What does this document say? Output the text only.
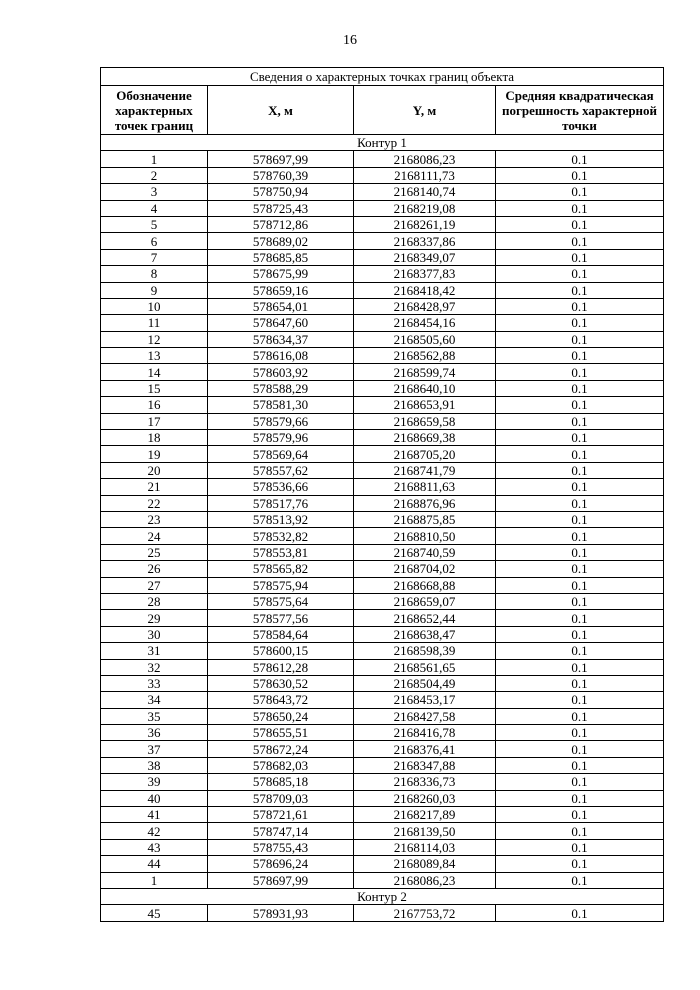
16
Сведения о характерных точках границ объекта			
Обозначение характерных точек границ	X, м	Y, м	Средняя квадратическая погрешность характерной точки
Контур 1			
1	578697,99	2168086,23	0.1
2	578760,39	2168111,73	0.1
3	578750,94	2168140,74	0.1
4	578725,43	2168219,08	0.1
5	578712,86	2168261,19	0.1
6	578689,02	2168337,86	0.1
7	578685,85	2168349,07	0.1
8	578675,99	2168377,83	0.1
9	578659,16	2168418,42	0.1
10	578654,01	2168428,97	0.1
11	578647,60	2168454,16	0.1
12	578634,37	2168505,60	0.1
13	578616,08	2168562,88	0.1
14	578603,92	2168599,74	0.1
15	578588,29	2168640,10	0.1
16	578581,30	2168653,91	0.1
17	578579,66	2168659,58	0.1
18	578579,96	2168669,38	0.1
19	578569,64	2168705,20	0.1
20	578557,62	2168741,79	0.1
21	578536,66	2168811,63	0.1
22	578517,76	2168876,96	0.1
23	578513,92	2168875,85	0.1
24	578532,82	2168810,50	0.1
25	578553,81	2168740,59	0.1
26	578565,82	2168704,02	0.1
27	578575,94	2168668,88	0.1
28	578575,64	2168659,07	0.1
29	578577,56	2168652,44	0.1
30	578584,64	2168638,47	0.1
31	578600,15	2168598,39	0.1
32	578612,28	2168561,65	0.1
33	578630,52	2168504,49	0.1
34	578643,72	2168453,17	0.1
35	578650,24	2168427,58	0.1
36	578655,51	2168416,78	0.1
37	578672,24	2168376,41	0.1
38	578682,03	2168347,88	0.1
39	578685,18	2168336,73	0.1
40	578709,03	2168260,03	0.1
41	578721,61	2168217,89	0.1
42	578747,14	2168139,50	0.1
43	578755,43	2168114,03	0.1
44	578696,24	2168089,84	0.1
1	578697,99	2168086,23	0.1
Контур 2			
45	578931,93	2167753,72	0.1
